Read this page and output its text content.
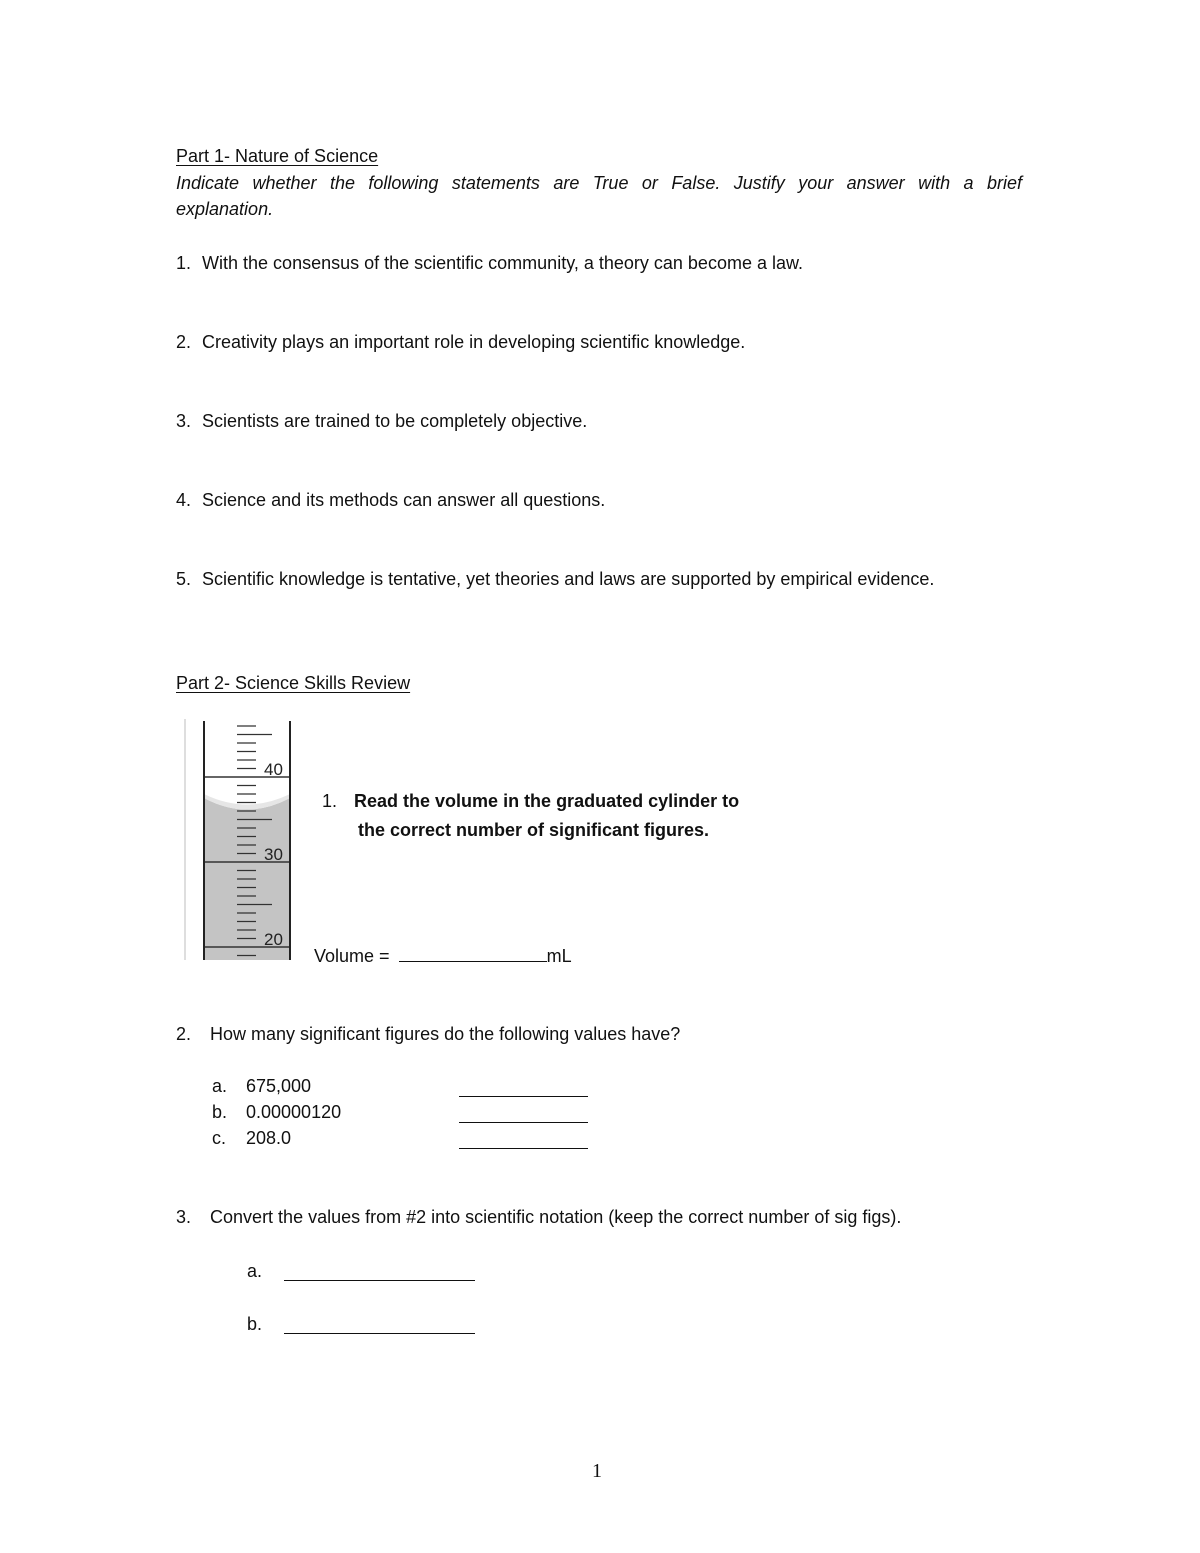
Part 1- Nature of Science
Indicate whether the following statements are True or False. Justify your answer with a brief
explanation.
1. With the consensus of the scientific community, a theory can become a law.
2. Creativity plays an important role in developing scientific knowledge.
3. Scientists are trained to be completely objective.
4. Science and its methods can answer all questions.
5. Scientific knowledge is tentative, yet theories and laws are supported by empirical evidence.
Part 2- Science Skills Review
40
30
20
1. Read the volume in the graduated cylinder to
the correct number of significant figures.
Volume =	mL
2. How many significant figures do the following values have?
a. 675,000
b. 0.00000120
c. 208.0
3. Convert the values from #2 into scientific notation (keep the correct number of sig figs).
a.
b.
1
